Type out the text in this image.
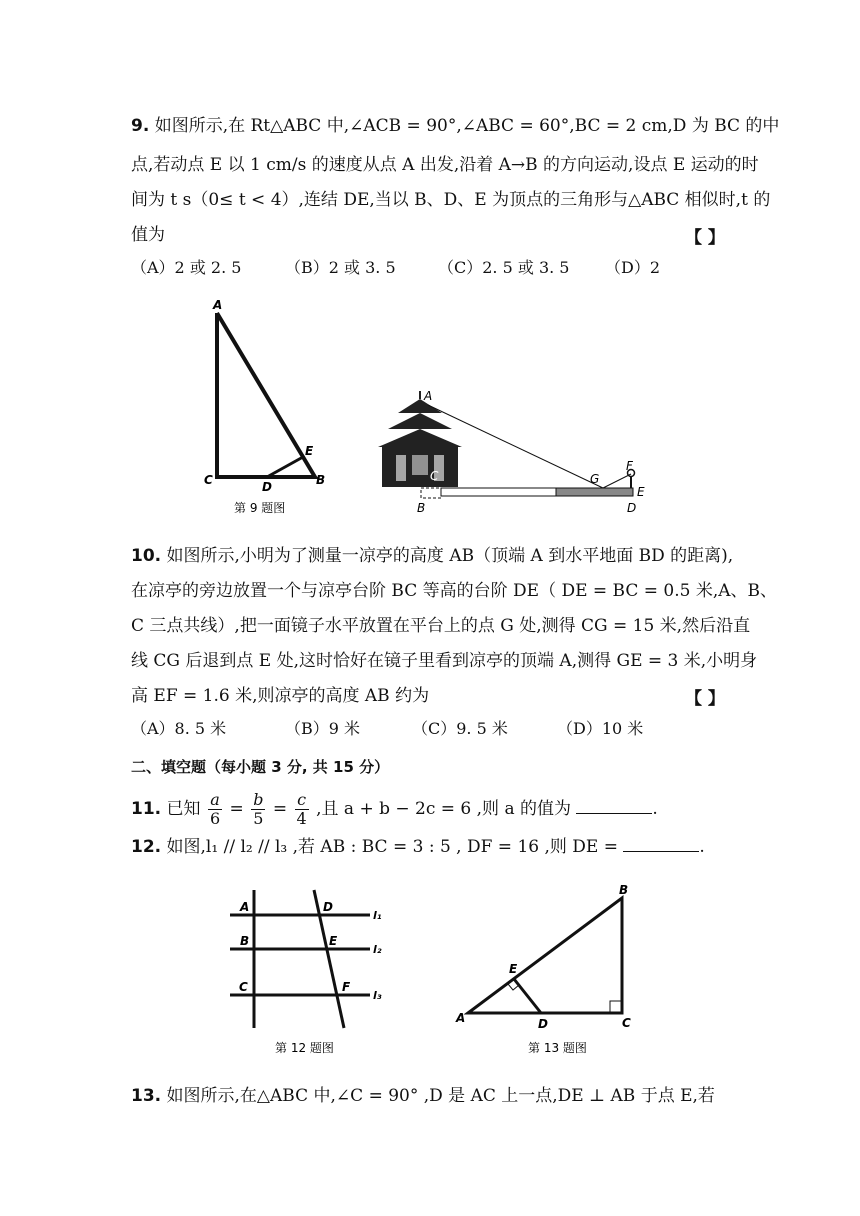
9. 如图所示,在 Rt△ABC 中,∠ACB = 90°,∠ABC = 60°,BC = 2 cm,D 为 BC 的中
点,若动点 E 以 1 cm/s 的速度从点 A 出发,沿着 A→B 的方向运动,设点 E 运动的时
间为 t s（0≤ t < 4）,连结 DE,当以 B、D、E 为顶点的三角形与△ABC 相似时,t 的
值为	【 】
（A）2 或 2. 5	（B）2 或 3. 5	（C）2. 5 或 3. 5 （D）2
A
C	D
E
B
第 9 题图
A
C	G
F
E
B	D
10. 如图所示,小明为了测量一凉亭的高度 AB（顶端 A 到水平地面 BD 的距离),
在凉亭的旁边放置一个与凉亭台阶 BC 等高的台阶 DE（ DE = BC = 0.5 米,A、B、
C 三点共线）,把一面镜子水平放置在平台上的点 G 处,测得 CG = 15 米,然后沿直
线 CG 后退到点 E 处,这时恰好在镜子里看到凉亭的顶端 A,测得 GE = 3 米,小明身
高 EF = 1.6 米,则凉亭的高度 AB 约为	【 】
（A）8. 5 米	（B）9 米	（C）9. 5 米	（D）10 米
二、填空题（每小题 3 分, 共 15 分）
11. 已知 $\frac{a}{6} = \frac{b}{5} = \frac{c}{4}$ ,且 a + b − 2c = 6 ,则 a 的值为	.
12. 如图,l₁ // l₂ // l₃ ,若 AB : BC = 3 : 5 , DF = 16 ,则 DE =	.
A	D
l₁
B	E
l₂
C	F
l₃
第 12 题图
B
E
A	D	C
第 13 题图
13. 如图所示,在△ABC 中,∠C = 90° ,D 是 AC 上一点,DE ⊥ AB 于点 E,若
